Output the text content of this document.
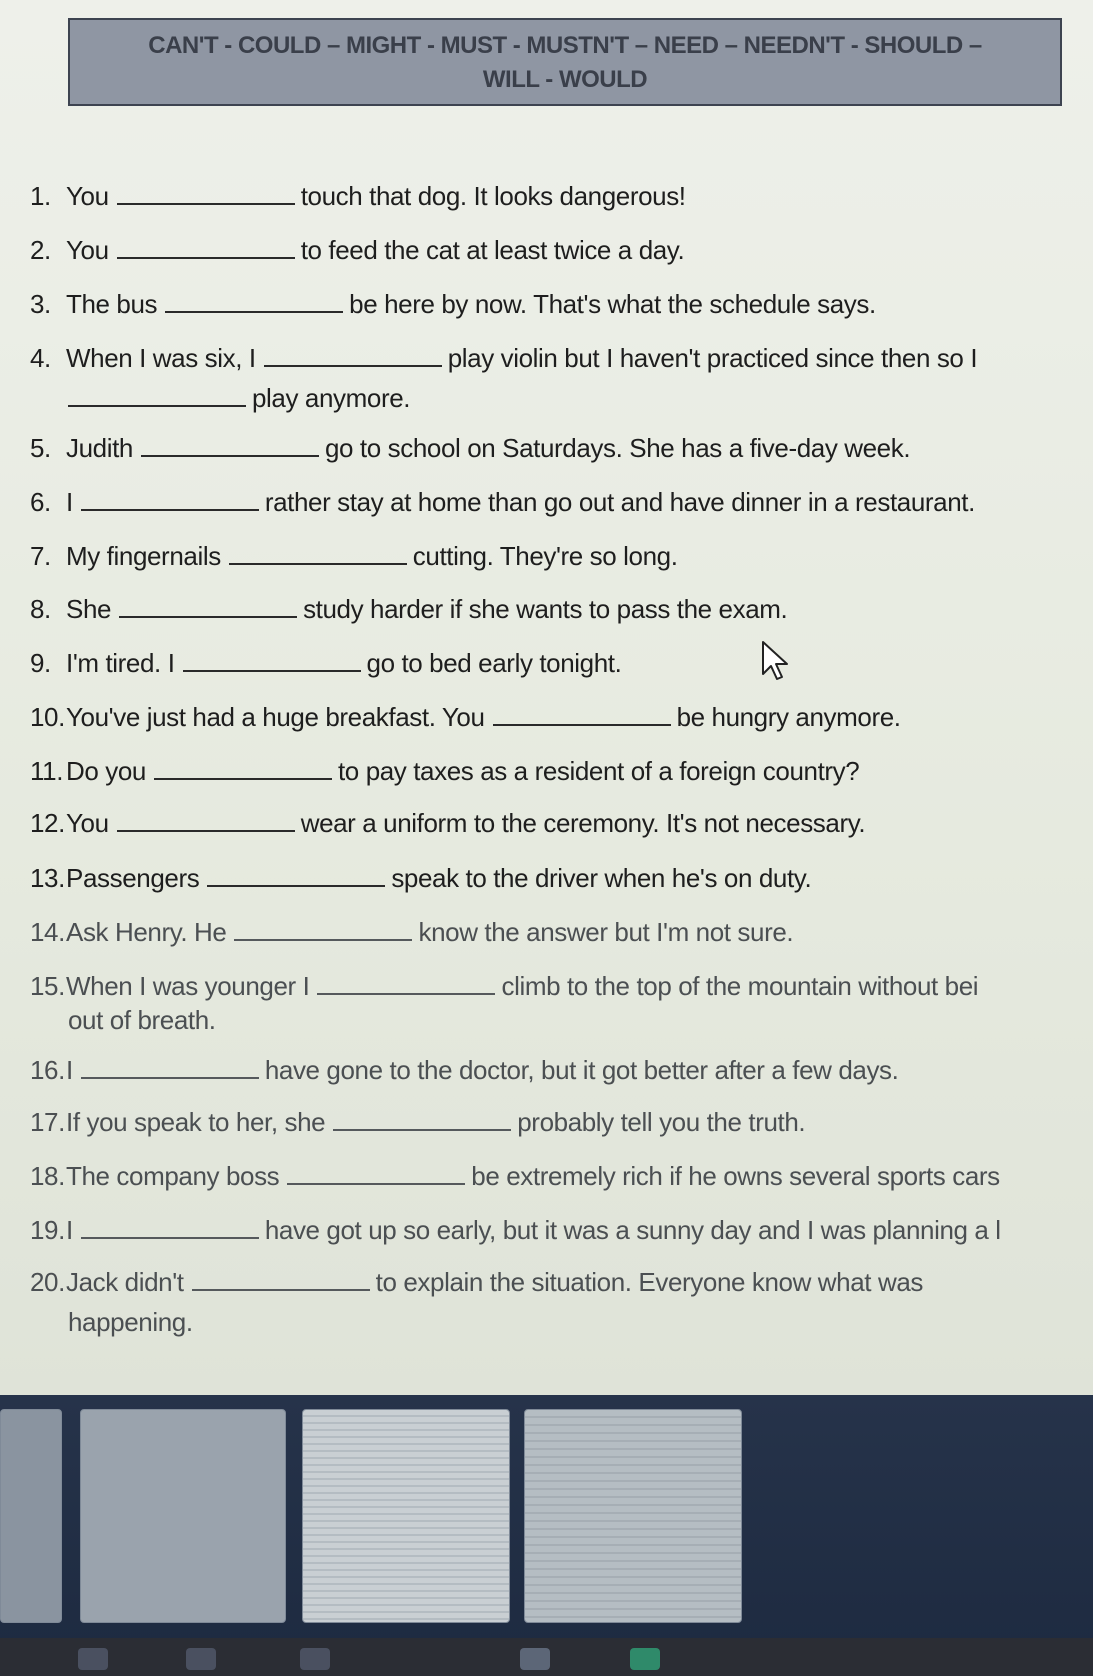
CAN'T - COULD – MIGHT - MUST - MUSTN'T – NEED – NEEDN'T - SHOULD –
WILL - WOULD
1. You	touch that dog. It looks dangerous!
2. You	to feed the cat at least twice a day.
3. The bus	be here by now. That's what the schedule says.
4. When I was six, I	play violin but I haven't practiced since then so I
play anymore.
5. Judith	go to school on Saturdays. She has a five-day week.
6. I	rather stay at home than go out and have dinner in a restaurant.
7. My fingernails	cutting. They're so long.
8. She	study harder if she wants to pass the exam.
9. I'm tired. I	go to bed early tonight.
10.You've just had a huge breakfast. You	be hungry anymore.
11. Do you	to pay taxes as a resident of a foreign country?
12.You	wear a uniform to the ceremony. It's not necessary.
13.Passengers	speak to the driver when he's on duty.
14.Ask Henry. He	know the answer but I'm not sure.
15.When I was younger I	climb to the top of the mountain without bei
out of breath.
16.I	have gone to the doctor, but it got better after a few days.
17.If you speak to her, she	probably tell you the truth.
18.The company boss	be extremely rich if he owns several sports cars
19.I	have got up so early, but it was a sunny day and I was planning a l
20.Jack didn't	to explain the situation. Everyone know what was
happening.
